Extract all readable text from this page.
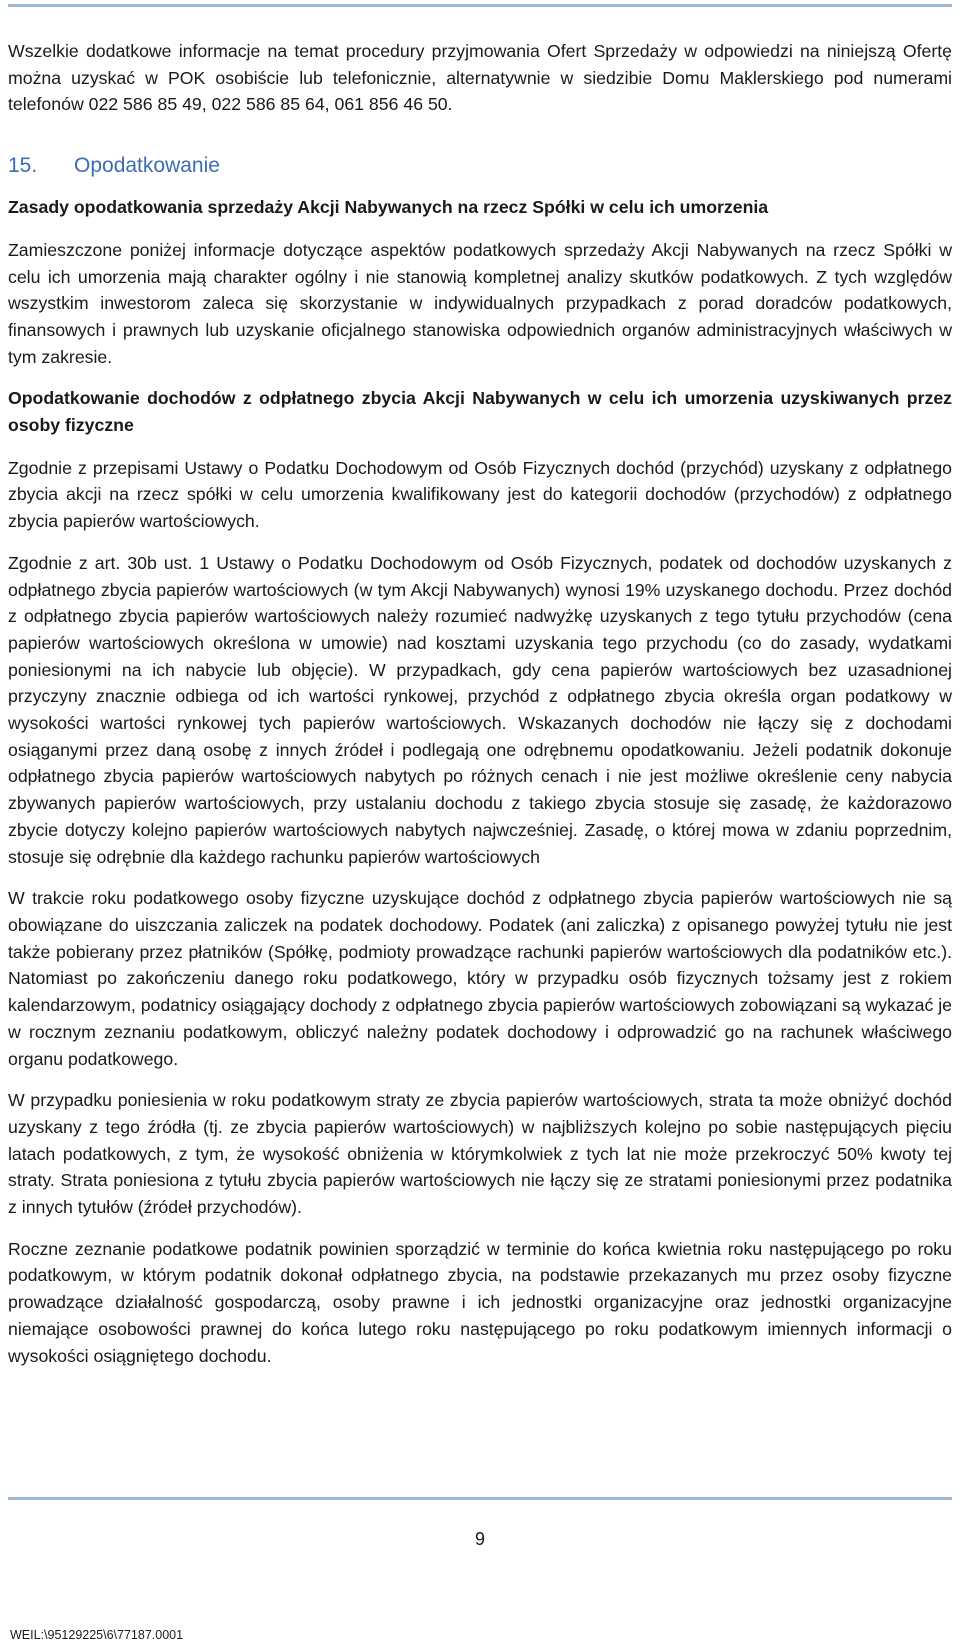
Wszelkie dodatkowe informacje na temat procedury przyjmowania Ofert Sprzedaży w odpowiedzi na niniejszą Ofertę można uzyskać w POK osobiście lub telefonicznie, alternatywnie w siedzibie Domu Maklerskiego pod numerami telefonów 022 586 85 49, 022 586 85 64, 061 856 46 50.

15.	Opodatkowanie

Zasady opodatkowania sprzedaży Akcji Nabywanych na rzecz Spółki w celu ich umorzenia

Zamieszczone poniżej informacje dotyczące aspektów podatkowych sprzedaży Akcji Nabywanych na rzecz Spółki w celu ich umorzenia mają charakter ogólny i nie stanowią kompletnej analizy skutków podatkowych. Z tych względów wszystkim inwestorom zaleca się skorzystanie w indywidualnych przypadkach z porad doradców podatkowych, finansowych i prawnych lub uzyskanie oficjalnego stanowiska odpowiednich organów administracyjnych właściwych w tym zakresie.

Opodatkowanie dochodów z odpłatnego zbycia Akcji Nabywanych w celu ich umorzenia uzyskiwanych przez osoby fizyczne

Zgodnie z przepisami Ustawy o Podatku Dochodowym od Osób Fizycznych dochód (przychód) uzyskany z odpłatnego zbycia akcji na rzecz spółki w celu umorzenia kwalifikowany jest do kategorii dochodów (przychodów) z odpłatnego zbycia papierów wartościowych.

Zgodnie z art. 30b ust. 1 Ustawy o Podatku Dochodowym od Osób Fizycznych, podatek od dochodów uzyskanych z odpłatnego zbycia papierów wartościowych (w tym Akcji Nabywanych) wynosi 19% uzyskanego dochodu. Przez dochód z odpłatnego zbycia papierów wartościowych należy rozumieć nadwyżkę uzyskanych z tego tytułu przychodów (cena papierów wartościowych określona w umowie) nad kosztami uzyskania tego przychodu (co do zasady, wydatkami poniesionymi na ich nabycie lub objęcie). W przypadkach, gdy cena papierów wartościowych bez uzasadnionej przyczyny znacznie odbiega od ich wartości rynkowej, przychód z odpłatnego zbycia określa organ podatkowy w wysokości wartości rynkowej tych papierów wartościowych. Wskazanych dochodów nie łączy się z dochodami osiąganymi przez daną osobę z innych źródeł i podlegają one odrębnemu opodatkowaniu. Jeżeli podatnik dokonuje odpłatnego zbycia papierów wartościowych nabytych po różnych cenach i nie jest możliwe określenie ceny nabycia zbywanych papierów wartościowych, przy ustalaniu dochodu z takiego zbycia stosuje się zasadę, że każdorazowo zbycie dotyczy kolejno papierów wartościowych nabytych najwcześniej. Zasadę, o której mowa w zdaniu poprzednim, stosuje się odrębnie dla każdego rachunku papierów wartościowych

W trakcie roku podatkowego osoby fizyczne uzyskujące dochód z odpłatnego zbycia papierów wartościowych nie są obowiązane do uiszczania zaliczek na podatek dochodowy. Podatek (ani zaliczka) z opisanego powyżej tytułu nie jest także pobierany przez płatników (Spółkę, podmioty prowadzące rachunki papierów wartościowych dla podatników etc.). Natomiast po zakończeniu danego roku podatkowego, który w przypadku osób fizycznych tożsamy jest z rokiem kalendarzowym, podatnicy osiągający dochody z odpłatnego zbycia papierów wartościowych zobowiązani są wykazać je w rocznym zeznaniu podatkowym, obliczyć należny podatek dochodowy i odprowadzić go na rachunek właściwego organu podatkowego.

W przypadku poniesienia w roku podatkowym straty ze zbycia papierów wartościowych, strata ta może obniżyć dochód uzyskany z tego źródła (tj. ze zbycia papierów wartościowych) w najbliższych kolejno po sobie następujących pięciu latach podatkowych, z tym, że wysokość obniżenia w którymkolwiek z tych lat nie może przekroczyć 50% kwoty tej straty. Strata poniesiona z tytułu zbycia papierów wartościowych nie łączy się ze stratami poniesionymi przez podatnika z innych tytułów (źródeł przychodów).

Roczne zeznanie podatkowe podatnik powinien sporządzić w terminie do końca kwietnia roku następującego po roku podatkowym, w którym podatnik dokonał odpłatnego zbycia, na podstawie przekazanych mu przez osoby fizyczne prowadzące działalność gospodarczą, osoby prawne i ich jednostki organizacyjne oraz jednostki organizacyjne niemające osobowości prawnej do końca lutego roku następującego po roku podatkowym imiennych informacji o wysokości osiągniętego dochodu.

9
WEIL:\95129225\6\77187.0001
